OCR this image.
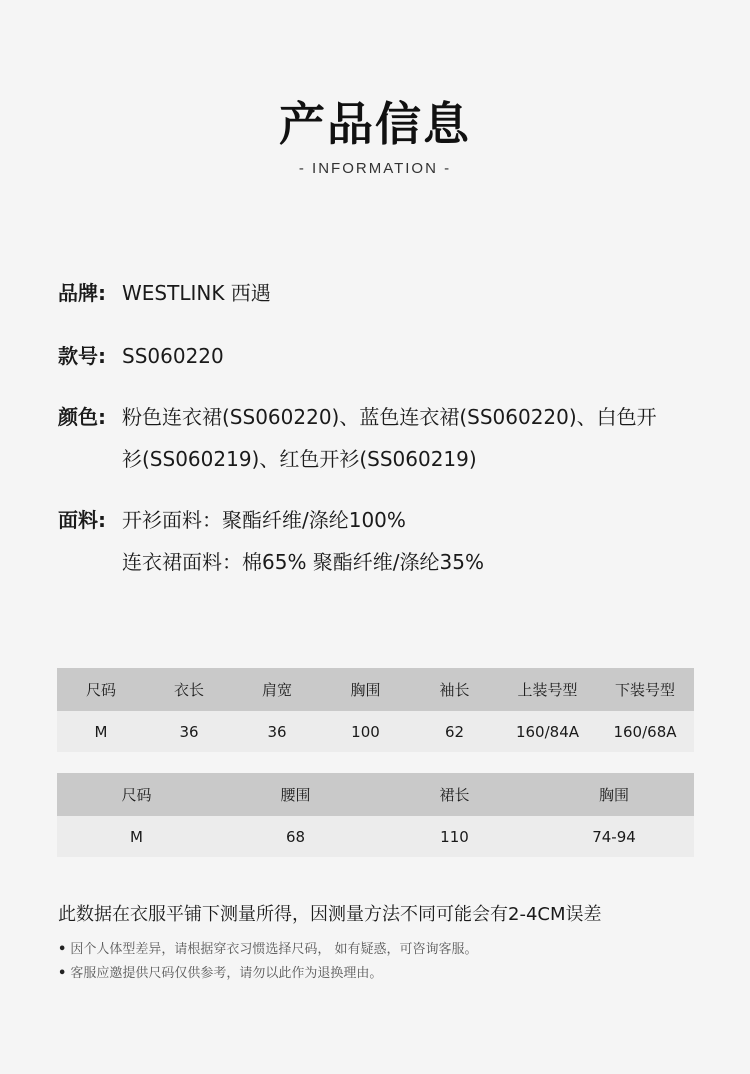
产品信息
- INFORMATION -
品牌: WESTLINK 西遇
款号: SS060220
颜色: 粉色连衣裙(SS060220)、蓝色连衣裙(SS060220)、白色开
衫(SS060219)、红色开衫(SS060219)
面料: 开衫面料：聚酯纤维/涤纶100%
连衣裙面料：棉65% 聚酯纤维/涤纶35%
尺码	衣长	肩宽	胸围	袖长	上装号型	下装号型
M	36	36	100	62	160/84A	160/68A
尺码	腰围	裙长	胸围
M	68	110	74-94
此数据在衣服平铺下测量所得，因测量方法不同可能会有2-4CM误差
• 因个人体型差异，请根据穿衣习惯选择尺码， 如有疑惑，可咨询客服。
• 客服应邀提供尺码仅供参考，请勿以此作为退换理由。
